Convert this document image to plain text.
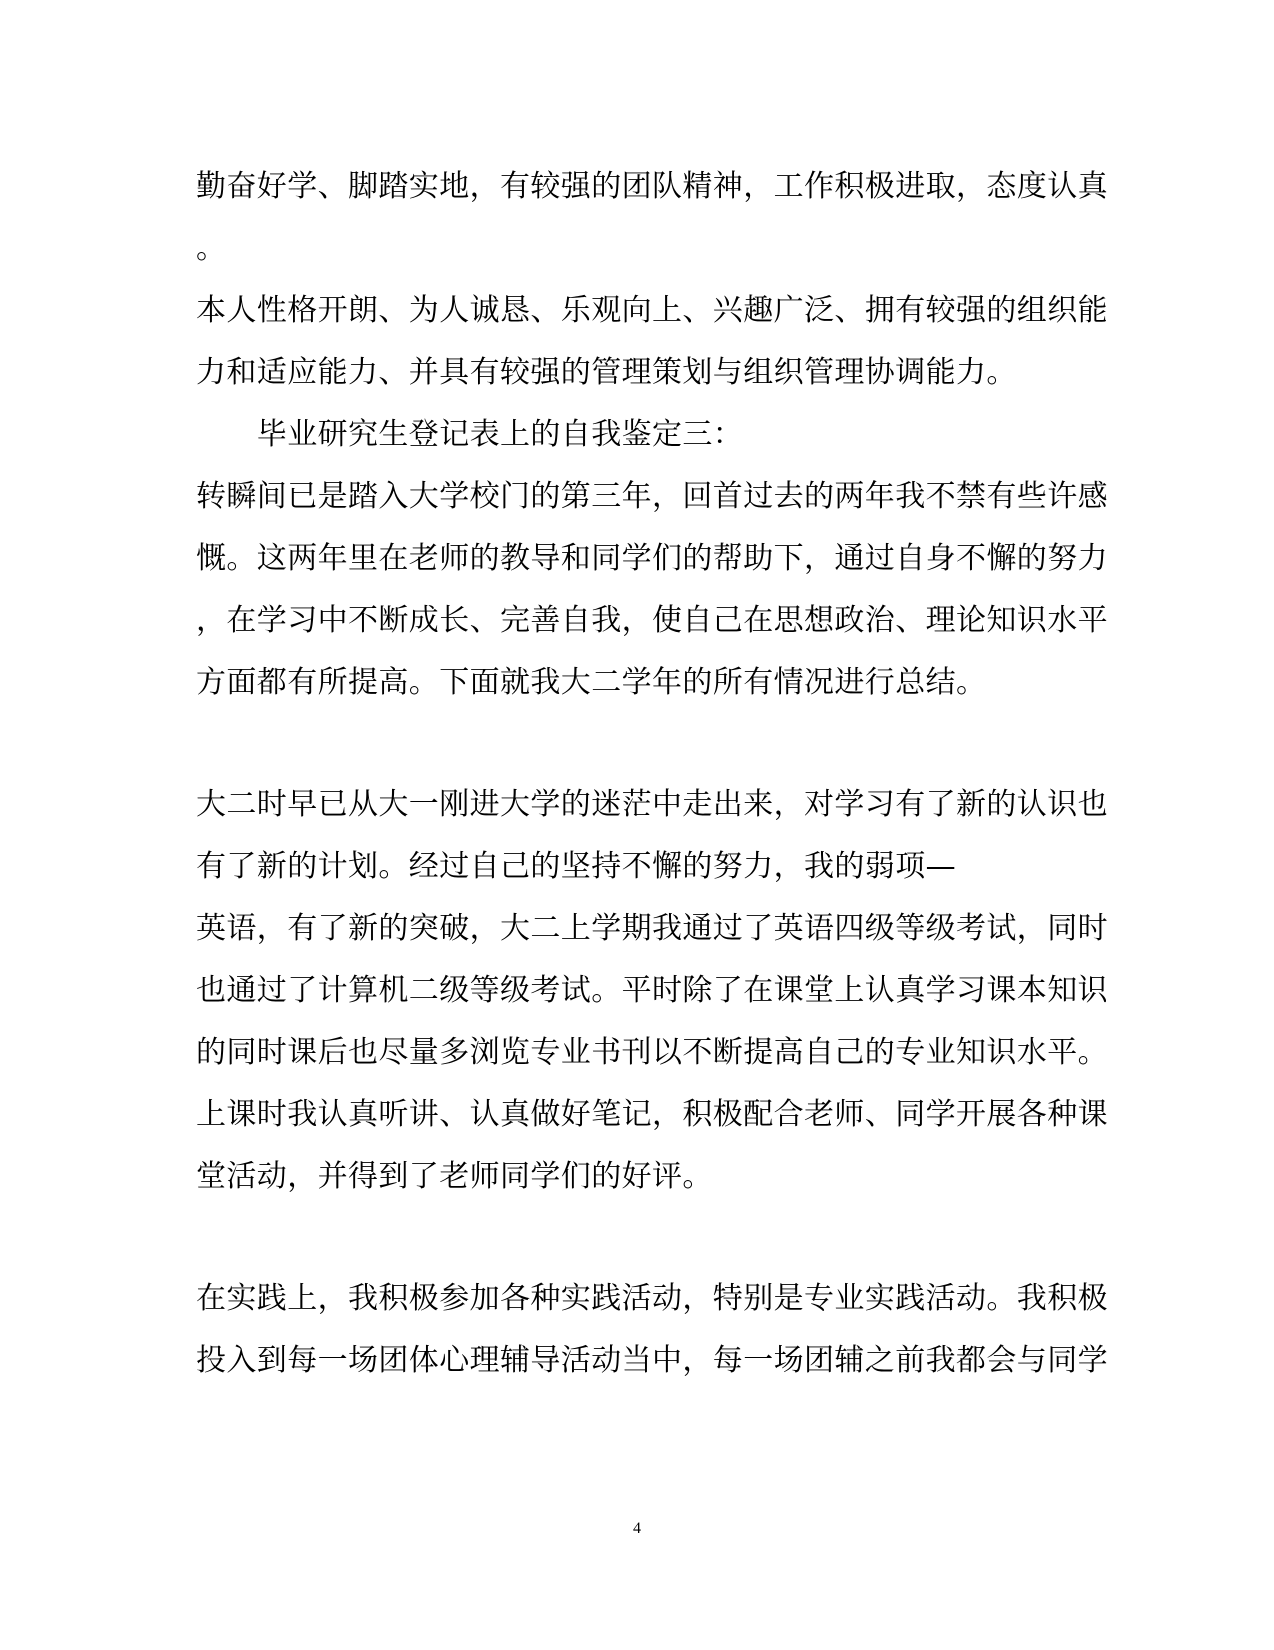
勤奋好学、脚踏实地，有较强的团队精神，工作积极进取，态度认真
。
本人性格开朗、为人诚恳、乐观向上、兴趣广泛、拥有较强的组织能
力和适应能力、并具有较强的管理策划与组织管理协调能力。
　　毕业研究生登记表上的自我鉴定三：
转瞬间已是踏入大学校门的第三年，回首过去的两年我不禁有些许感
慨。这两年里在老师的教导和同学们的帮助下，通过自身不懈的努力
，在学习中不断成长、完善自我，使自己在思想政治、理论知识水平
方面都有所提高。下面就我大二学年的所有情况进行总结。
大二时早已从大一刚进大学的迷茫中走出来，对学习有了新的认识也
有了新的计划。经过自己的坚持不懈的努力，我的弱项—
英语，有了新的突破，大二上学期我通过了英语四级等级考试，同时
也通过了计算机二级等级考试。平时除了在课堂上认真学习课本知识
的同时课后也尽量多浏览专业书刊以不断提高自己的专业知识水平。
上课时我认真听讲、认真做好笔记，积极配合老师、同学开展各种课
堂活动，并得到了老师同学们的好评。
在实践上，我积极参加各种实践活动，特别是专业实践活动。我积极
投入到每一场团体心理辅导活动当中，每一场团辅之前我都会与同学
4
